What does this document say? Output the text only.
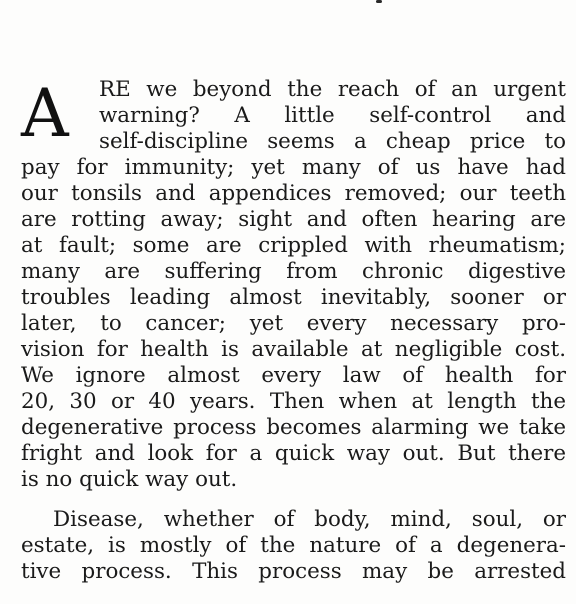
A	RE we beyond the reach of an urgent
warning? A little self-control and
self-discipline seems a cheap price to
pay for immunity; yet many of us have had
our tonsils and appendices removed; our teeth
are rotting away; sight and often hearing are
at fault; some are crippled with rheumatism;
many are suffering from chronic digestive
troubles leading almost inevitably, sooner or
later, to cancer; yet every necessary pro-
vision for health is available at negligible cost.
We ignore almost every law of health for
20, 30 or 40 years. Then when at length the
degenerative process becomes alarming we take
fright and look for a quick way out. But there
is no quick way out.
Disease, whether of body, mind, soul, or
estate, is mostly of the nature of a degenera-
tive process. This process may be arrested
